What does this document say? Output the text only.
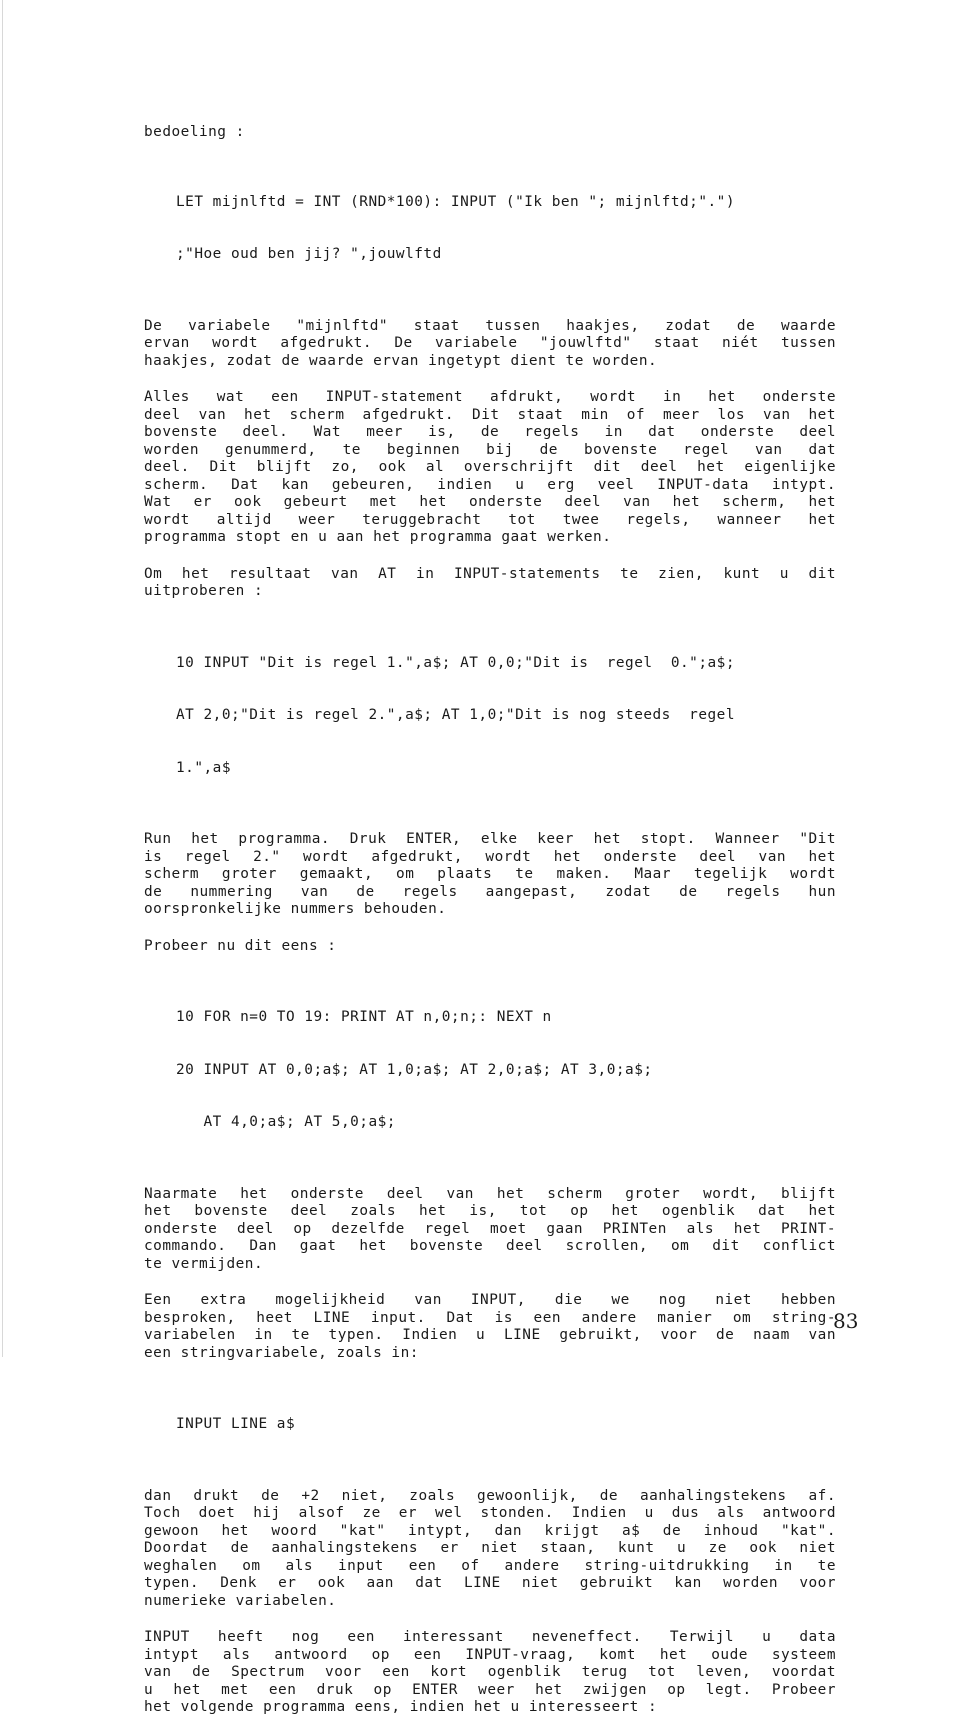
bedoeling :

LET mijnlftd = INT (RND*100): INPUT ("Ik ben "; mijnlftd;".")

;"Hoe oud ben jij? ",jouwlftd

De variabele "mijnlftd" staat tussen haakjes, zodat de waarde
ervan wordt afgedrukt. De variabele "jouwlftd" staat niét tussen
haakjes, zodat de waarde ervan ingetypt dient te worden.

Alles wat een INPUT-statement afdrukt, wordt in het onderste
deel van het scherm afgedrukt. Dit staat min of meer los van het
bovenste deel. Wat meer is, de regels in dat onderste deel
worden genummerd, te beginnen bij de bovenste regel van dat
deel. Dit blijft zo, ook al overschrijft dit deel het eigenlijke
scherm. Dat kan gebeuren, indien u erg veel INPUT-data intypt.
Wat er ook gebeurt met het onderste deel van het scherm, het
wordt altijd weer teruggebracht tot twee regels, wanneer het
programma stopt en u aan het programma gaat werken.

Om het resultaat van AT in INPUT-statements te zien, kunt u dit
uitproberen :

10 INPUT "Dit is regel 1.",a$; AT 0,0;"Dit is  regel  0.";a$;

AT 2,0;"Dit is regel 2.",a$; AT 1,0;"Dit is nog steeds  regel

1.",a$

Run het programma. Druk ENTER, elke keer het stopt. Wanneer "Dit
is regel 2." wordt afgedrukt, wordt het onderste deel van het
scherm groter gemaakt, om plaats te maken. Maar tegelijk wordt
de nummering van de regels aangepast, zodat de regels hun
oorspronkelijke nummers behouden.

Probeer nu dit eens :

10 FOR n=0 TO 19: PRINT AT n,0;n;: NEXT n

20 INPUT AT 0,0;a$; AT 1,0;a$; AT 2,0;a$; AT 3,0;a$;

AT 4,0;a$; AT 5,0;a$;

Naarmate het onderste deel van het scherm groter wordt, blijft
het bovenste deel zoals het is, tot op het ogenblik dat het
onderste deel op dezelfde regel moet gaan PRINTen als het PRINT-
commando. Dan gaat het bovenste deel scrollen, om dit conflict
te vermijden.

Een extra mogelijkheid van INPUT, die we nog niet hebben
besproken, heet LINE input. Dat is een andere manier om string-
variabelen in te typen. Indien u LINE gebruikt, voor de naam van
een stringvariabele, zoals in:

INPUT LINE a$

dan drukt de +2 niet, zoals gewoonlijk, de aanhalingstekens af.
Toch doet hij alsof ze er wel stonden. Indien u dus als antwoord
gewoon het woord "kat" intypt, dan krijgt a$ de inhoud "kat".
Doordat de aanhalingstekens er niet staan, kunt u ze ook niet
weghalen om als input een of andere string-uitdrukking in te
typen. Denk er ook aan dat LINE niet gebruikt kan worden voor
numerieke variabelen.

INPUT heeft nog een interessant neveneffect. Terwijl u data
intypt als antwoord op een INPUT-vraag, komt het oude systeem
van de Spectrum voor een kort ogenblik terug tot leven, voordat
u het met een druk op ENTER weer het zwijgen op legt. Probeer
het volgende programma eens, indien het u interesseert :

83
